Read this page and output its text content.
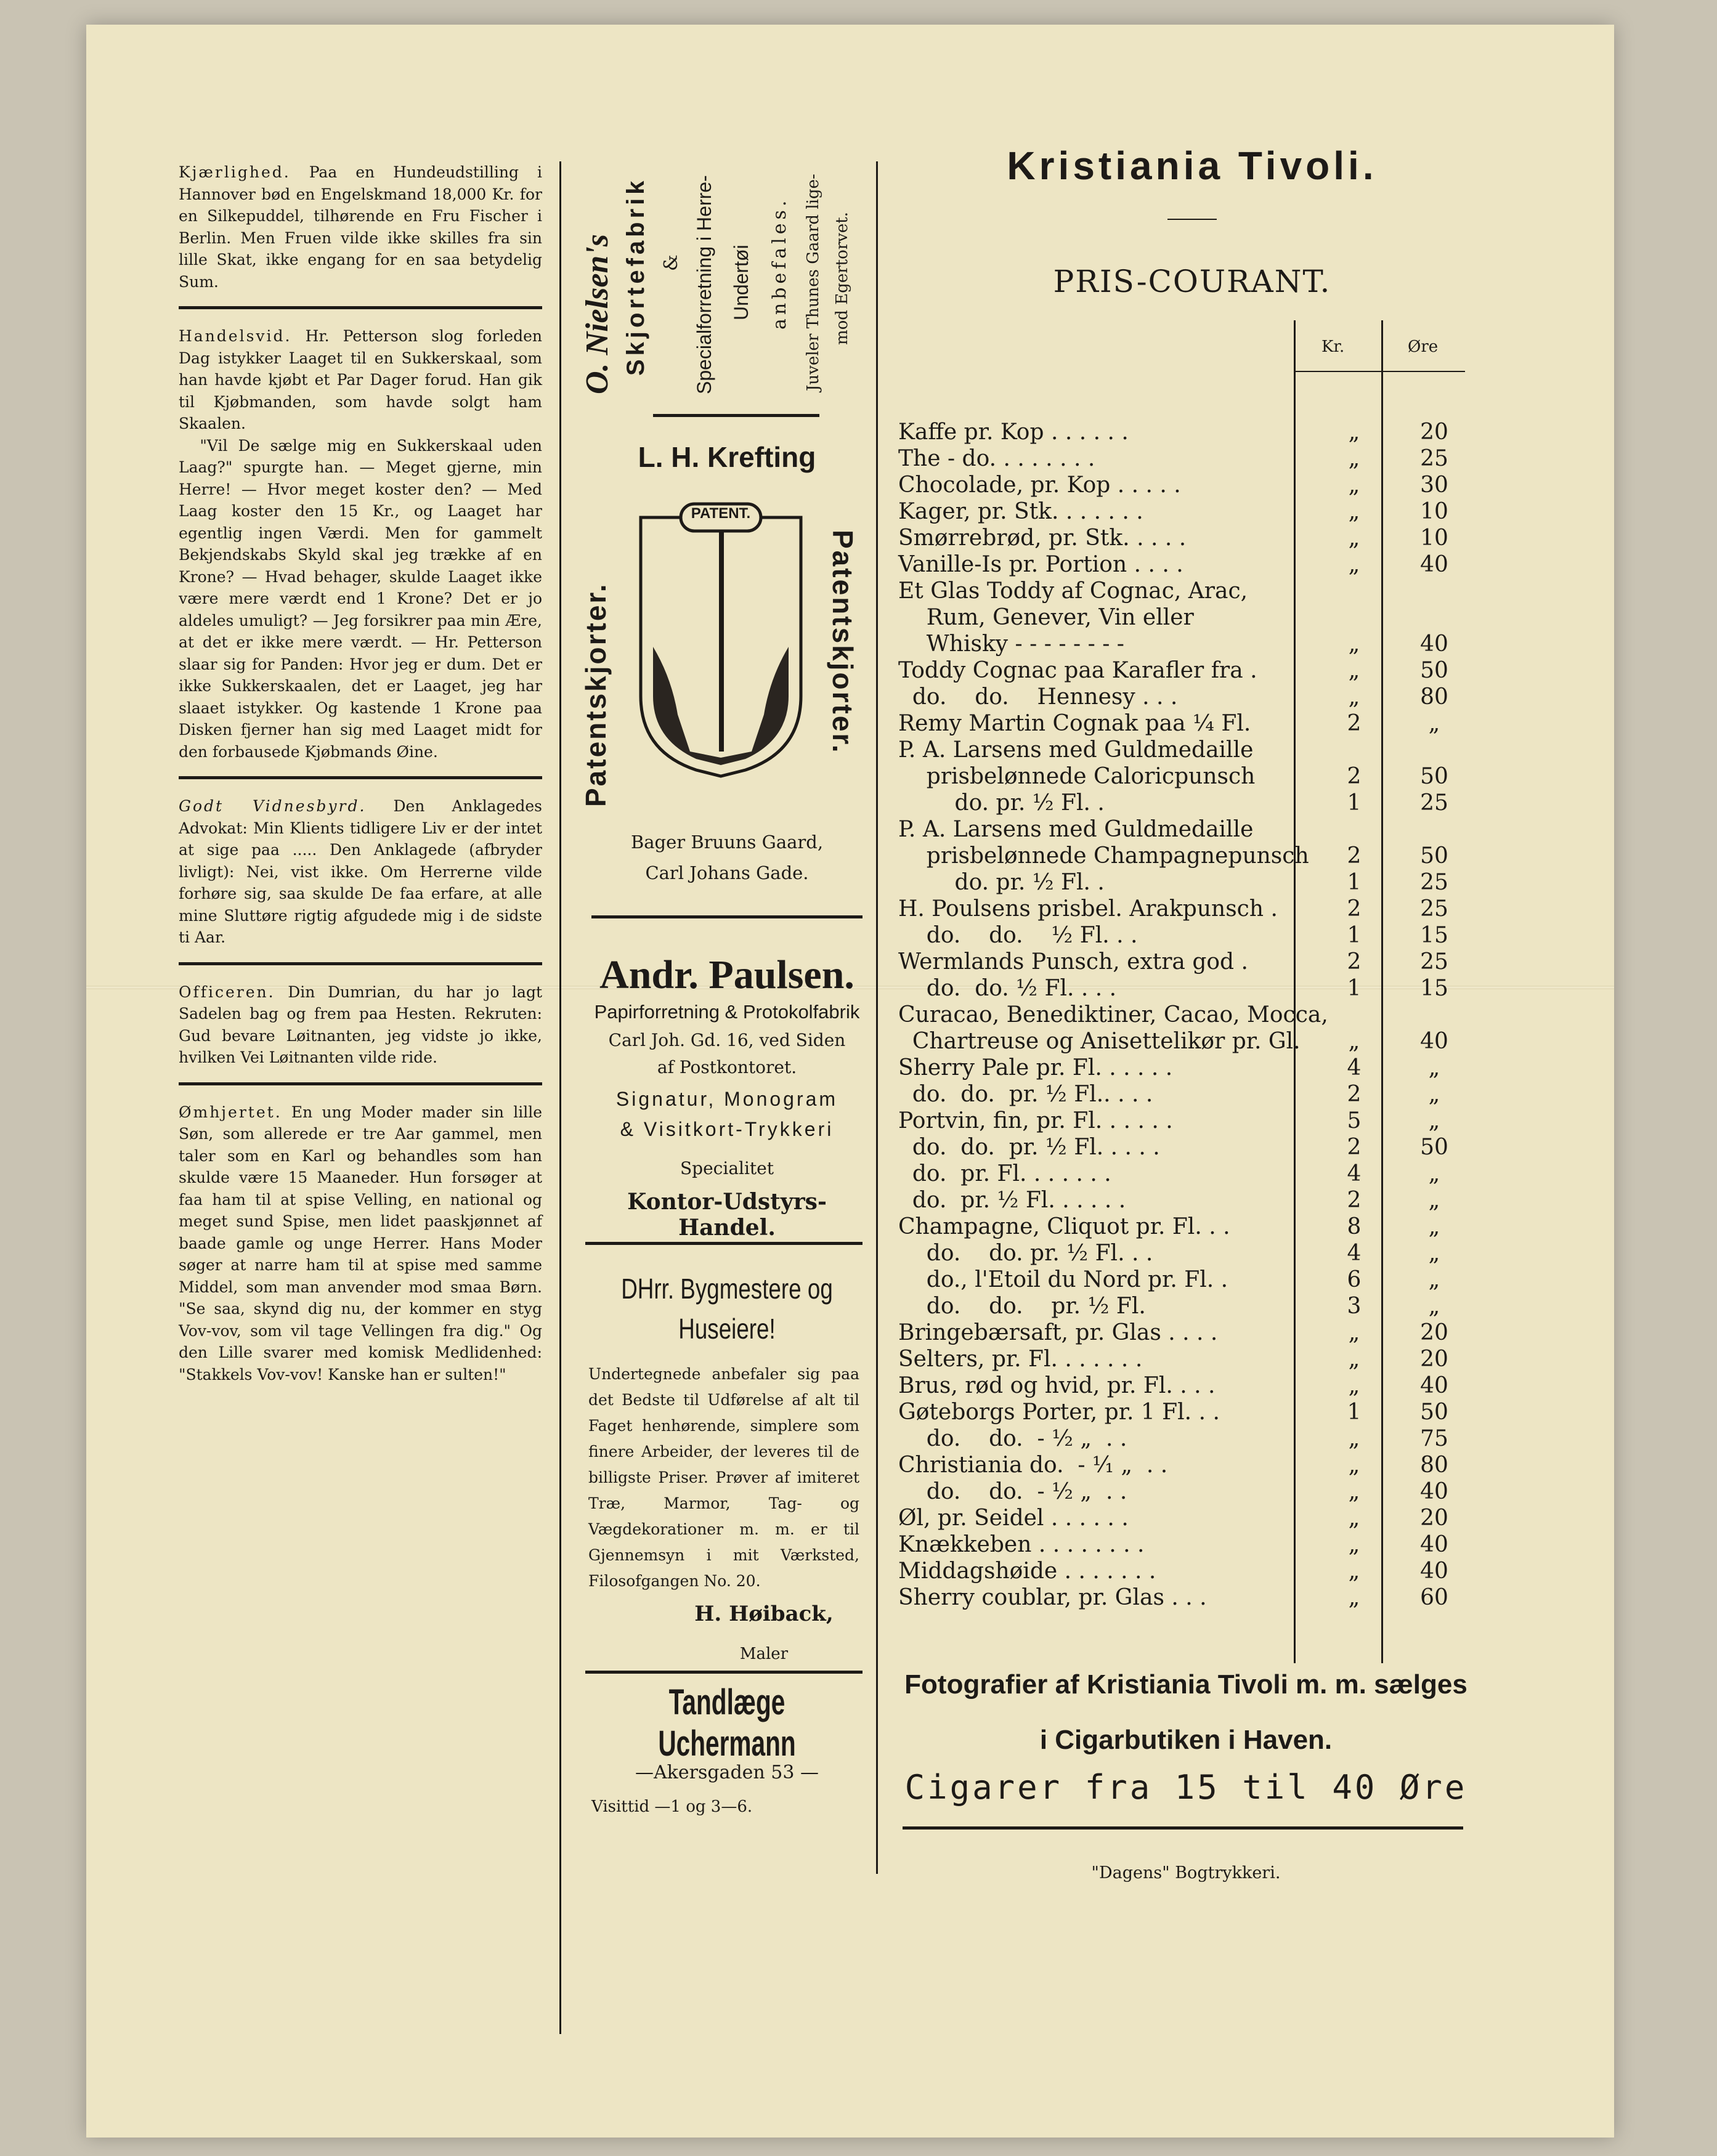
Kjærlighed. Paa en Hundeudstilling i Hannover bød en Engelskmand 18,000 Kr. for en Silkepuddel, tilhørende en Fru Fischer i Berlin. Men Fruen vilde ikke skilles fra sin lille Skat, ikke engang for en saa betydelig Sum.

Handelsvid. Hr. Petterson slog forleden Dag istykker Laaget til en Sukkerskaal, som han havde kjøbt et Par Dager forud. Han gik til Kjøbmanden, som havde solgt ham Skaalen.

"Vil De sælge mig en Sukkerskaal uden Laag?" spurgte han. — Meget gjerne, min Herre! — Hvor meget koster den? — Med Laag koster den 15 Kr., og Laaget har egentlig ingen Værdi. Men for gammelt Bekjendskabs Skyld skal jeg trække af en Krone? — Hvad behager, skulde Laaget ikke være mere værdt end 1 Krone? Det er jo aldeles umuligt? — Jeg forsikrer paa min Ære, at det er ikke mere værdt. — Hr. Petterson slaar sig for Panden: Hvor jeg er dum. Det er ikke Sukkerskaalen, det er Laaget, jeg har slaaet istykker. Og kastende 1 Krone paa Disken fjerner han sig med Laaget midt for den forbausede Kjøbmands Øine.

Godt Vidnesbyrd. Den Anklagedes Advokat: Min Klients tidligere Liv er der intet at sige paa ..... Den Anklagede (afbryder livligt): Nei, vist ikke. Om Herrerne vilde forhøre sig, saa skulde De faa erfare, at alle mine Sluttøre rigtig afgudede mig i de sidste ti Aar.

Officeren. Din Dumrian, du har jo lagt Sadelen bag og frem paa Hesten. Rekruten: Gud bevare Løitnanten, jeg vidste jo ikke, hvilken Vei Løitnanten vilde ride.

Ømhjertet. En ung Moder mader sin lille Søn, som allerede er tre Aar gammel, men taler som en Karl og behandles som han skulde være 15 Maaneder. Hun forsøger at faa ham til at spise Velling, en national og meget sund Spise, men lidet paaskjønnet af baade gamle og unge Herrer. Hans Moder søger at narre ham til at spise med samme Middel, som man anvender mod smaa Børn. "Se saa, skynd dig nu, der kommer en styg Vov-vov, som vil tage Vellingen fra dig." Og den Lille svarer med komisk Medlidenhed: "Stakkels Vov-vov! Kanske han er sulten!"

O. Nielsen's Skjortefabrik & Specialforretning i Herre- Undertøi anbefales. Juveler Thunes Gaard lige- mod Egertorvet.
L. H. Krefting
Patentskjorter.	Patentskjorter.
PATENT.
Bager Bruuns Gaard,
Carl Johans Gade.
Andr. Paulsen.
Papirforretning & Protokolfabrik
Carl Joh. Gd. 16, ved Siden
af Postkontoret.
Signatur, Monogram
& Visitkort-Trykkeri
Specialitet
Kontor-Udstyrs-Handel.
DHrr. Bygmestere og
Huseiere!
Undertegnede anbefaler sig paa det Bedste til Udførelse af alt til Faget henhørende, simplere som finere Arbeider, der leveres til de billigste Priser. Prøver af imiteret Træ, Marmor, Tag- og Vægdekorationer m. m. er til Gjennemsyn i mit Værksted, Filosofgangen No. 20.
H. Høiback,
Maler
Tandlæge Uchermann
—Akersgaden 53 —
Visittid —1 og 3—6.
Kristiania Tivoli.
PRIS-COURANT.
Kr.	Øre
Kaffe pr. Kop . . . . . .	„	20
The - do. . . . . . . .	„	25
Chocolade, pr. Kop . . . . .	„	30
Kager, pr. Stk. . . . . . .	„	10
Smørrebrød, pr. Stk. . . . .	„	10
Vanille-Is pr. Portion . . . .	„	40
Et Glas Toddy af Cognac, Arac,
Rum, Genever, Vin eller
Whisky - - - - - - - -	„	40
Toddy Cognac paa Karafler fra .	„	50
do.    do.    Hennesy . . .	„	80
Remy Martin Cognak paa ¼ Fl.	2	„
P. A. Larsens med Guldmedaille
prisbelønnede Caloricpunsch	2	50
do. pr. ½ Fl. .	1	25
P. A. Larsens med Guldmedaille
prisbelønnede Champagnepunsch	2	50
do. pr. ½ Fl. .	1	25
H. Poulsens prisbel. Arakpunsch .	2	25
do.    do.    ½ Fl. . .	1	15
Wermlands Punsch, extra god .	2	25
do.  do. ½ Fl. . . .	1	15
Curacao, Benediktiner, Cacao, Mocca,
Chartreuse og Anisettelikør pr. Gl.	„	40
Sherry Pale pr. Fl. . . . . .	4	„
do.  do.  pr. ½ Fl.. . . .	2	„
Portvin, fin, pr. Fl. . . . . .	5	„
do.  do.  pr. ½ Fl. . . . .	2	50
do.  pr. Fl. . . . . . .	4	„
do.  pr. ½ Fl. . . . . .	2	„
Champagne, Cliquot pr. Fl. . .	8	„
do.    do. pr. ½ Fl. . .	4	„
do., l'Etoil du Nord pr. Fl. .	6	„
do.    do.    pr. ½ Fl.	3	„
Bringebærsaft, pr. Glas . . . .	„	20
Selters, pr. Fl. . . . . . .	„	20
Brus, rød og hvid, pr. Fl. . . .	„	40
Gøteborgs Porter, pr. 1 Fl. . .	1	50
do.    do.  - ½ „  . .	„	75
Christiania do.  - ¹⁄₁ „  . .	„	80
do.    do.  - ½ „  . .	„	40
Øl, pr. Seidel . . . . . .	„	20
Knækkeben . . . . . . . .	„	40
Middagshøide . . . . . . .	„	40
Sherry coublar, pr. Glas . . .	„	60
Fotografier af Kristiania Tivoli m. m. sælges i Cigarbutiken i Haven.
Cigarer fra 15 til 40 Øre
"Dagens" Bogtrykkeri.
